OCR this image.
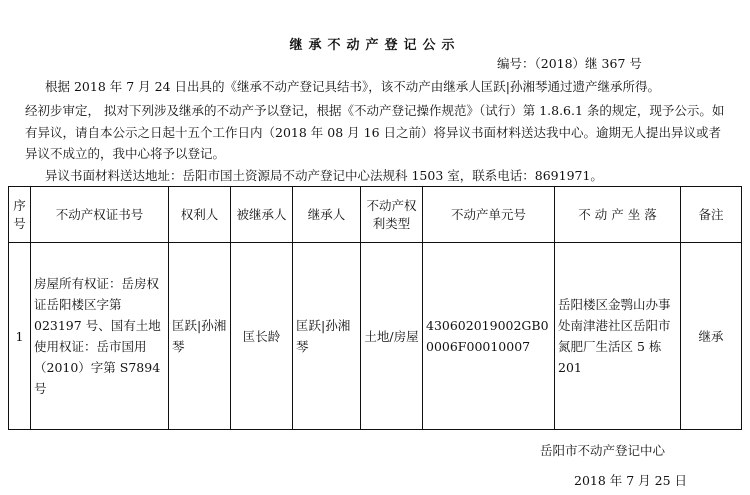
继承不动产登记公示
编号：（2018）继 367 号
根据 2018 年 7 月 24 日出具的《继承不动产登记具结书》，该不动产由继承人匡跃|孙湘琴通过遗产继承所得。
经初步审定， 拟对下列涉及继承的不动产予以登记，根据《不动产登记操作规范》（试行）第 1.8.6.1 条的规定，现予公示。如有异议，请自本公示之日起十五个工作日内（2018 年 08 月 16 日之前）将异议书面材料送达我中心。逾期无人提出异议或者异议不成立的，我中心将予以登记。
异议书面材料送达地址：岳阳市国土资源局不动产登记中心法规科 1503 室，联系电话：8691971。
序号	不动产权证书号	权利人	被继承人	继承人	不动产权利类型	不动产单元号	不 动 产 坐 落	备注
1	房屋所有权证：岳房权证岳阳楼区字第 023197 号、国有土地使用权证：岳市国用（2010）字第 S7894 号	匡跃|孙湘琴	匡长龄	匡跃|孙湘琴	土地/房屋	430602019002GB00006F00010007	岳阳楼区金鹗山办事处南津港社区岳阳市氮肥厂生活区 5 栋 201	继承
岳阳市不动产登记中心
2018 年 7 月 25 日
